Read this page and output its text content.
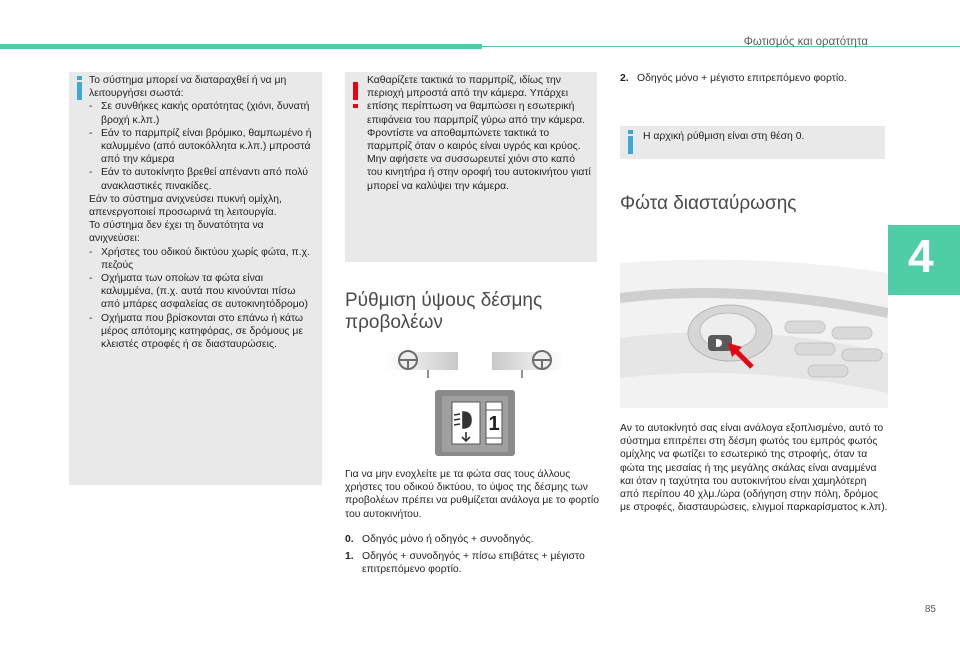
Φωτισμός και ορατότητα
4
Το σύστημα μπορεί να διαταραχθεί ή να μη λειτουργήσει σωστά:
- Σε συνθήκες κακής ορατότητας (χιόνι, δυνατή βροχή κ.λπ.)
- Εάν το παρμπρίζ είναι βρόμικο, θαμπωμένο ή καλυμμένο (από αυτοκόλλητα κ.λπ.) μπροστά από την κάμερα
- Εάν το αυτοκίνητο βρεθεί απέναντι από πολύ ανακλαστικές πινακίδες.
Εάν το σύστημα ανιχνεύσει πυκνή ομίχλη, απενεργοποιεί προσωρινά τη λειτουργία.
Το σύστημα δεν έχει τη δυνατότητα να ανιχνεύσει:
- Χρήστες του οδικού δικτύου χωρίς φώτα, π.χ. πεζούς
- Οχήματα των οποίων τα φώτα είναι καλυμμένα, (π.χ. αυτά που κινούνται πίσω από μπάρες ασφαλείας σε αυτοκινητόδρομο)
- Οχήματα που βρίσκονται στο επάνω ή κάτω μέρος απότομης κατηφόρας, σε δρόμους με κλειστές στροφές ή σε διασταυρώσεις.
Καθαρίζετε τακτικά το παρμπρίζ, ιδίως την περιοχή μπροστά από την κάμερα. Υπάρχει επίσης περίπτωση να θαμπώσει η εσωτερική επιφάνεια του παρμπρίζ γύρω από την κάμερα. Φροντίστε να αποθαμπώνετε τακτικά το παρμπρίζ όταν ο καιρός είναι υγρός και κρύος. Μην αφήσετε να συσσωρευτεί χιόνι στο καπό του κινητήρα ή στην οροφή του αυτοκινήτου γιατί μπορεί να καλύψει την κάμερα.
Ρύθμιση ύψους δέσμης προβολέων
1
Για να μην ενοχλείτε με τα φώτα σας τους άλλους χρήστες του οδικού δικτύου, το ύψος της δέσμης των προβολέων πρέπει να ρυθμίζεται ανάλογα με το φορτίο του αυτοκινήτου.
0. Οδηγός μόνο ή οδηγός + συνοδηγός.
1. Οδηγός + συνοδηγός + πίσω επιβάτες + μέγιστο επιτρεπόμενο φορτίο.
2. Οδηγός μόνο + μέγιστο επιτρεπόμενο φορτίο.
Η αρχική ρύθμιση είναι στη θέση 0.
Φώτα διασταύρωσης
Αν το αυτοκίνητό σας είναι ανάλογα εξοπλισμένο, αυτό το σύστημα επιτρέπει στη δέσμη φωτός του εμπρός φωτός ομίχλης να φωτίζει το εσωτερικό της στροφής, όταν τα φώτα της μεσαίας ή της μεγάλης σκάλας είναι αναμμένα και όταν η ταχύτητα του αυτοκινήτου είναι χαμηλότερη από περίπου 40 χλμ./ώρα (οδήγηση στην πόλη, δρόμος με στροφές, διασταυρώσεις, ελιγμοί παρκαρίσματος κ.λπ).
85
